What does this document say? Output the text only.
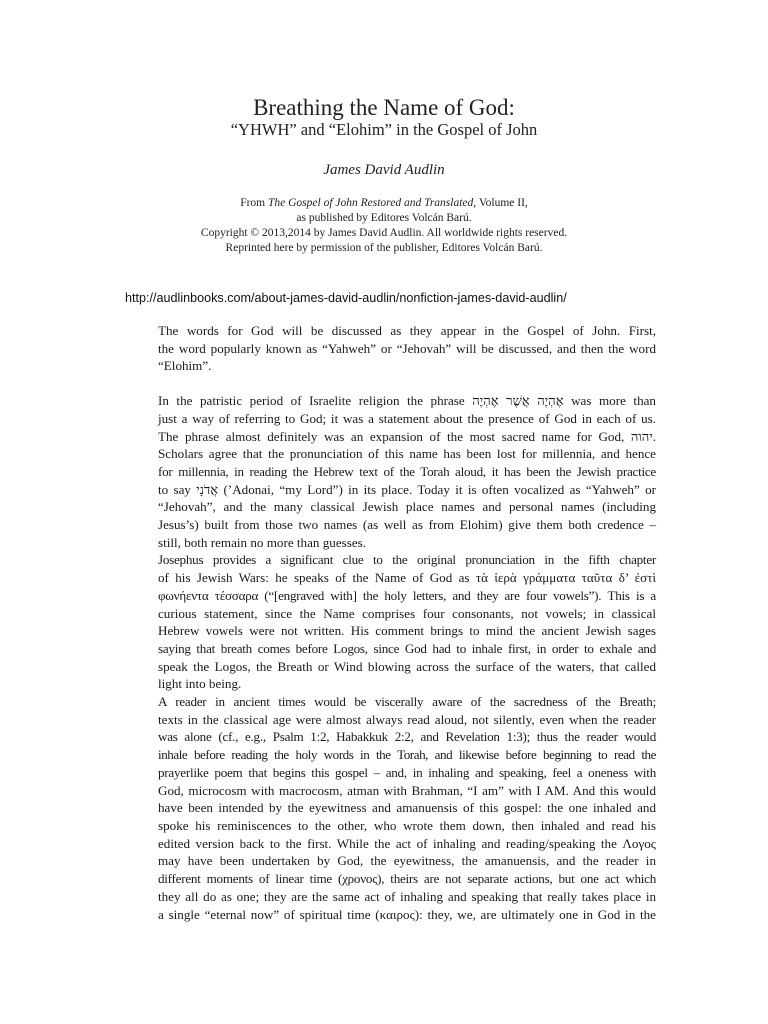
Breathing the Name of God:
“YHWH” and “Elohim” in the Gospel of John
James David Audlin
From The Gospel of John Restored and Translated, Volume II,
as published by Editores Volcán Barú.
Copyright © 2013,2014 by James David Audlin. All worldwide rights reserved.
Reprinted here by permission of the publisher, Editores Volcán Barú.
http://audlinbooks.com/about-james-david-audlin/nonfiction-james-david-audlin/

The words for God will be discussed as they appear in the Gospel of John. First,
the word popularly known as “Yahweh” or “Jehovah” will be discussed, and then the word
“Elohim”.

In the patristic period of Israelite religion the phrase אֶהְיֶה אֲשֶׁר אֶהְיֶה was more than
just a way of referring to God; it was a statement about the presence of God in each of us.
The phrase almost definitely was an expansion of the most sacred name for God, יהוה.
Scholars agree that the pronunciation of this name has been lost for millennia, and hence
for millennia, in reading the Hebrew text of the Torah aloud, it has been the Jewish practice
to say אֲדֹנָי (’Adonai, “my Lord”) in its place. Today it is often vocalized as “Yahweh” or
“Jehovah”, and the many classical Jewish place names and personal names (including
Jesus’s) built from those two names (as well as from Elohim) give them both credence –
still, both remain no more than guesses.

Josephus provides a significant clue to the original pronunciation in the fifth chapter
of his Jewish Wars: he speaks of the Name of God as τὰ ἱερὰ γράμματα ταῦτα δ’ ἐστὶ
φωνήεντα τέσσαρα (“[engraved with] the holy letters, and they are four vowels”). This is a
curious statement, since the Name comprises four consonants, not vowels; in classical
Hebrew vowels were not written. His comment brings to mind the ancient Jewish sages
saying that breath comes before Logos, since God had to inhale first, in order to exhale and
speak the Logos, the Breath or Wind blowing across the surface of the waters, that called
light into being.

A reader in ancient times would be viscerally aware of the sacredness of the Breath;
texts in the classical age were almost always read aloud, not silently, even when the reader
was alone (cf., e.g., Psalm 1:2, Habakkuk 2:2, and Revelation 1:3); thus the reader would
inhale before reading the holy words in the Torah, and likewise before beginning to read the
prayerlike poem that begins this gospel – and, in inhaling and speaking, feel a oneness with
God, microcosm with macrocosm, atman with Brahman, “I am” with I AM. And this would
have been intended by the eyewitness and amanuensis of this gospel: the one inhaled and
spoke his reminiscences to the other, who wrote them down, then inhaled and read his
edited version back to the first. While the act of inhaling and reading/speaking the Λογος
may have been undertaken by God, the eyewitness, the amanuensis, and the reader in
different moments of linear time (χρονος), theirs are not separate actions, but one act which
they all do as one; they are the same act of inhaling and speaking that really takes place in
a single “eternal now” of spiritual time (καιρος): they, we, are ultimately one in God in the
